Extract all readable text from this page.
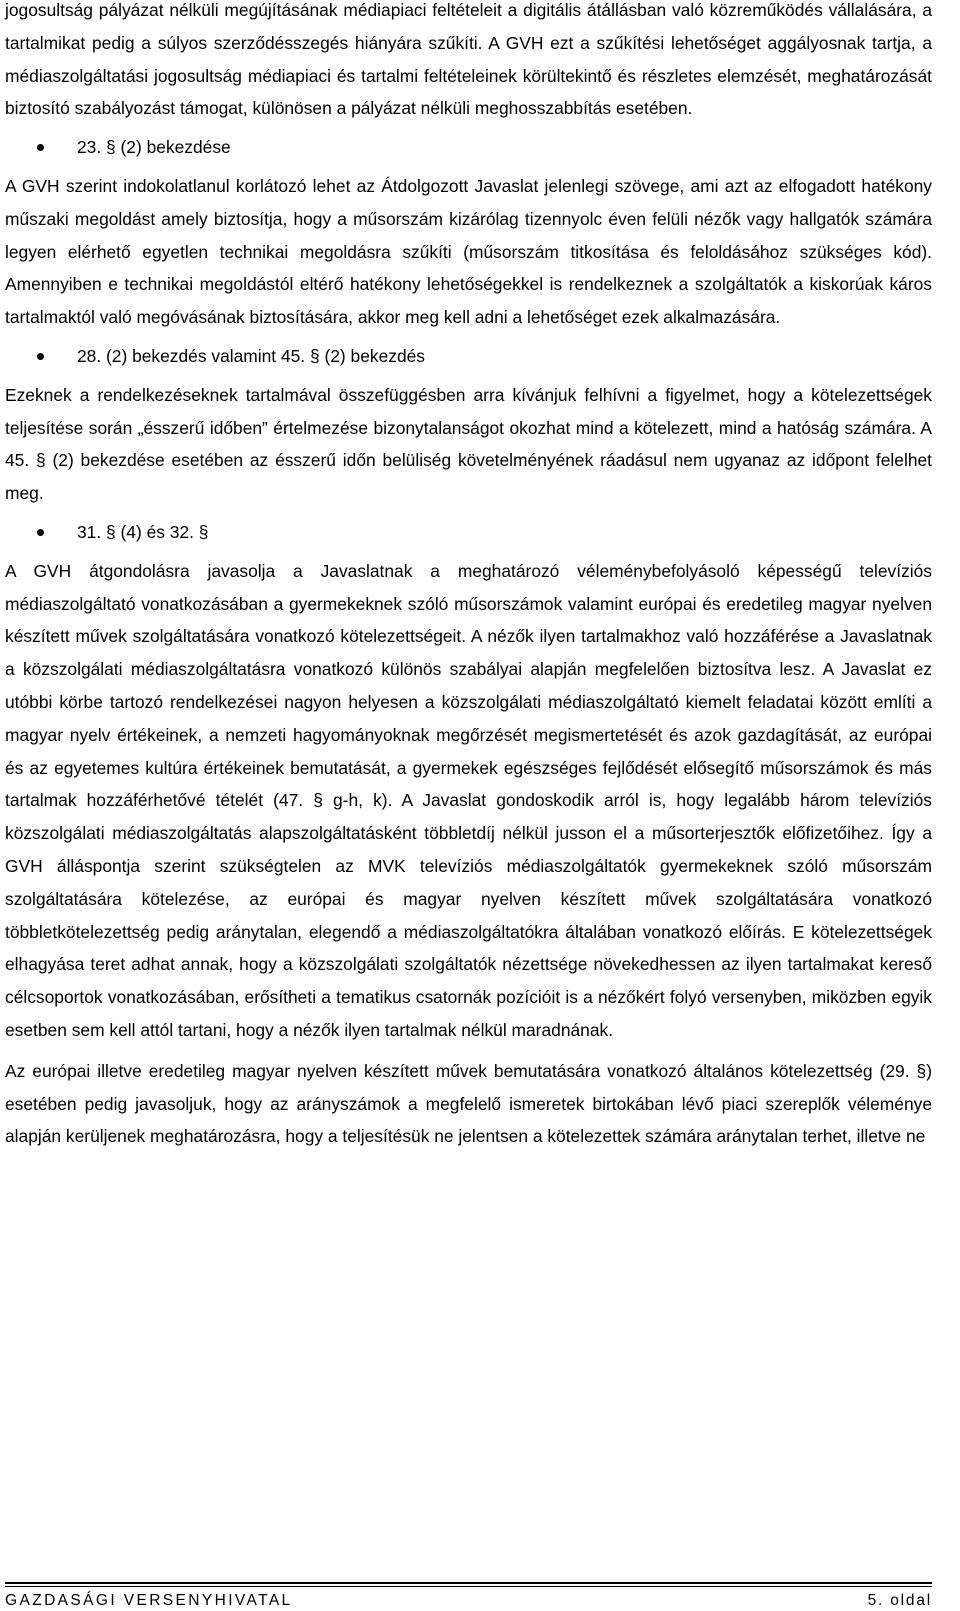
jogosultság pályázat nélküli megújításának médiapiaci feltételeit a digitális átállásban való közreműködés vállalására, a tartalmikat pedig a súlyos szerződésszegés hiányára szűkíti. A GVH ezt a szűkítési lehetőséget aggályosnak tartja, a médiaszolgáltatási jogosultság médiapiaci és tartalmi feltételeinek körültekintő és részletes elemzését, meghatározását biztosító szabályozást támogat, különösen a pályázat nélküli meghosszabbítás esetében.

23. § (2) bekezdése

A GVH szerint indokolatlanul korlátozó lehet az Átdolgozott Javaslat jelenlegi szövege, ami azt az elfogadott hatékony műszaki megoldást amely biztosítja, hogy a műsorszám kizárólag tizennyolc éven felüli nézők vagy hallgatók számára legyen elérhető egyetlen technikai megoldásra szűkíti (műsorszám titkosítása és feloldásához szükséges kód). Amennyiben e technikai megoldástól eltérő hatékony lehetőségekkel is rendelkeznek a szolgáltatók a kiskorúak káros tartalmaktól való megóvásának biztosítására, akkor meg kell adni a lehetőséget ezek alkalmazására.

28. (2) bekezdés valamint 45. § (2) bekezdés

Ezeknek a rendelkezéseknek tartalmával összefüggésben arra kívánjuk felhívni a figyelmet, hogy a kötelezettségek teljesítése során „ésszerű időben” értelmezése bizonytalanságot okozhat mind a kötelezett, mind a hatóság számára. A 45. § (2) bekezdése esetében az ésszerű időn belüliség követelményének ráadásul nem ugyanaz az időpont felelhet meg.

31. § (4) és 32. §

A GVH átgondolásra javasolja a Javaslatnak a meghatározó véleménybefolyásoló képességű televíziós médiaszolgáltató vonatkozásában a gyermekeknek szóló műsorszámok valamint európai és eredetileg magyar nyelven készített művek szolgáltatására vonatkozó kötelezettségeit. A nézők ilyen tartalmakhoz való hozzáférése a Javaslatnak a közszolgálati médiaszolgáltatásra vonatkozó különös szabályai alapján megfelelően biztosítva lesz. A Javaslat ez utóbbi körbe tartozó rendelkezései nagyon helyesen a közszolgálati médiaszolgáltató kiemelt feladatai között említi a magyar nyelv értékeinek, a nemzeti hagyományoknak megőrzését megismertetését és azok gazdagítását, az európai és az egyetemes kultúra értékeinek bemutatását, a gyermekek egészséges fejlődését elősegítő műsorszámok és más tartalmak hozzáférhetővé tételét (47. § g-h, k). A Javaslat gondoskodik arról is, hogy legalább három televíziós közszolgálati médiaszolgáltatás alapszolgáltatásként többletdíj nélkül jusson el a műsorterjesztők előfizetőihez. Így a GVH álláspontja szerint szükségtelen az MVK televíziós médiaszolgáltatók gyermekeknek szóló műsorszám szolgáltatására kötelezése, az európai és magyar nyelven készített művek szolgáltatására vonatkozó többletkötelezettség pedig aránytalan, elegendő a médiaszolgáltatókra általában vonatkozó előírás. E kötelezettségek elhagyása teret adhat annak, hogy a közszolgálati szolgáltatók nézettsége növekedhessen az ilyen tartalmakat kereső célcsoportok vonatkozásában, erősítheti a tematikus csatornák pozícióit is a nézőkért folyó versenyben, miközben egyik esetben sem kell attól tartani, hogy a nézők ilyen tartalmak nélkül maradnának.

Az európai illetve eredetileg magyar nyelven készített művek bemutatására vonatkozó általános kötelezettség (29. §) esetében pedig javasoljuk, hogy az arányszámok a megfelelő ismeretek birtokában lévő piaci szereplők véleménye alapján kerüljenek meghatározásra, hogy a teljesítésük ne jelentsen a kötelezettek számára aránytalan terhet, illetve ne

GAZDASÁGI VERSENYHIVATAL	5. oldal
